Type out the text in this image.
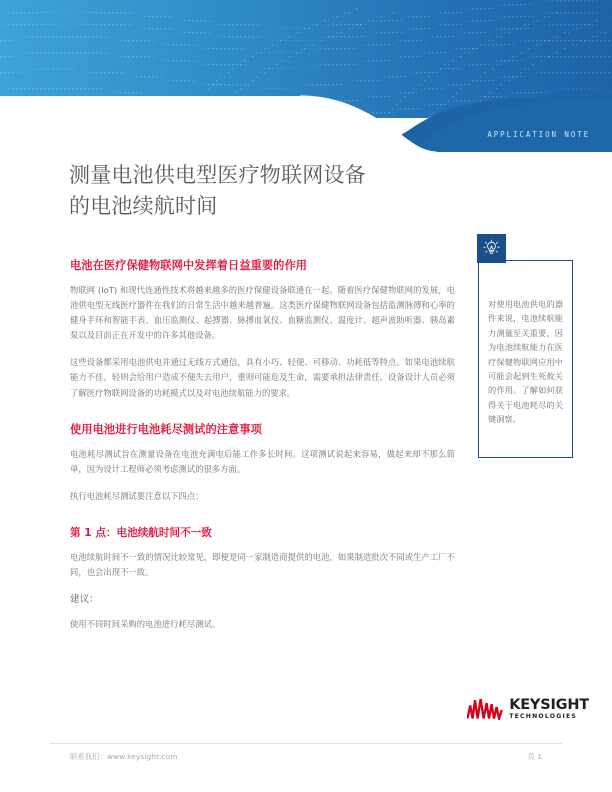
APPLICATION NOTE
测量电池供电型医疗物联网设备
的电池续航时间
电池在医疗保健物联网中发挥着日益重要的作用

物联网 (IoT) 和现代连通性技术将越来越多的医疗保健设备联通在一起。随着医疗保健物联网的发展，电池供电型无线医疗器件在我们的日常生活中越来越普遍。这类医疗保健物联网设备包括监测脉搏和心率的健身手环和智能手表、血压监测仪、起搏器、脉搏血氧仪、血糖监测仪、温度计、超声波助听器、胰岛素泵以及目前正在开发中的许多其他设备。

这些设备都采用电池供电并通过无线方式通信，具有小巧、轻便、可移动、功耗低等特点。如果电池续航能力不佳，轻则会给用户造成不便失去用户，重则可能危及生命，需要承担法律责任。设备设计人员必须了解医疗物联网设备的功耗模式以及对电池续航能力的要求。

使用电池进行电池耗尽测试的注意事项

电池耗尽测试旨在测量设备在电池充满电后能工作多长时间。这项测试说起来容易，做起来却不那么简单，因为设计工程师必须考虑测试的很多方面。

执行电池耗尽测试要注意以下四点：

第 1 点：电池续航时间不一致

电池续航时间不一致的情况比较常见，即便是同一家制造商提供的电池，如果制造批次不同或生产工厂不同，也会出现不一致。

建议：

使用不同时间采购的电池进行耗尽测试。

对使用电池供电的器件来说，电池续航能力测量至关重要，因为电池续航能力在医疗保健物联网应用中可能会起到生死攸关的作用。了解如何获得关于电池耗尽的关键洞察。
KEYSIGHT
TECHNOLOGIES
联系我们：www.keysight.com	页 1
